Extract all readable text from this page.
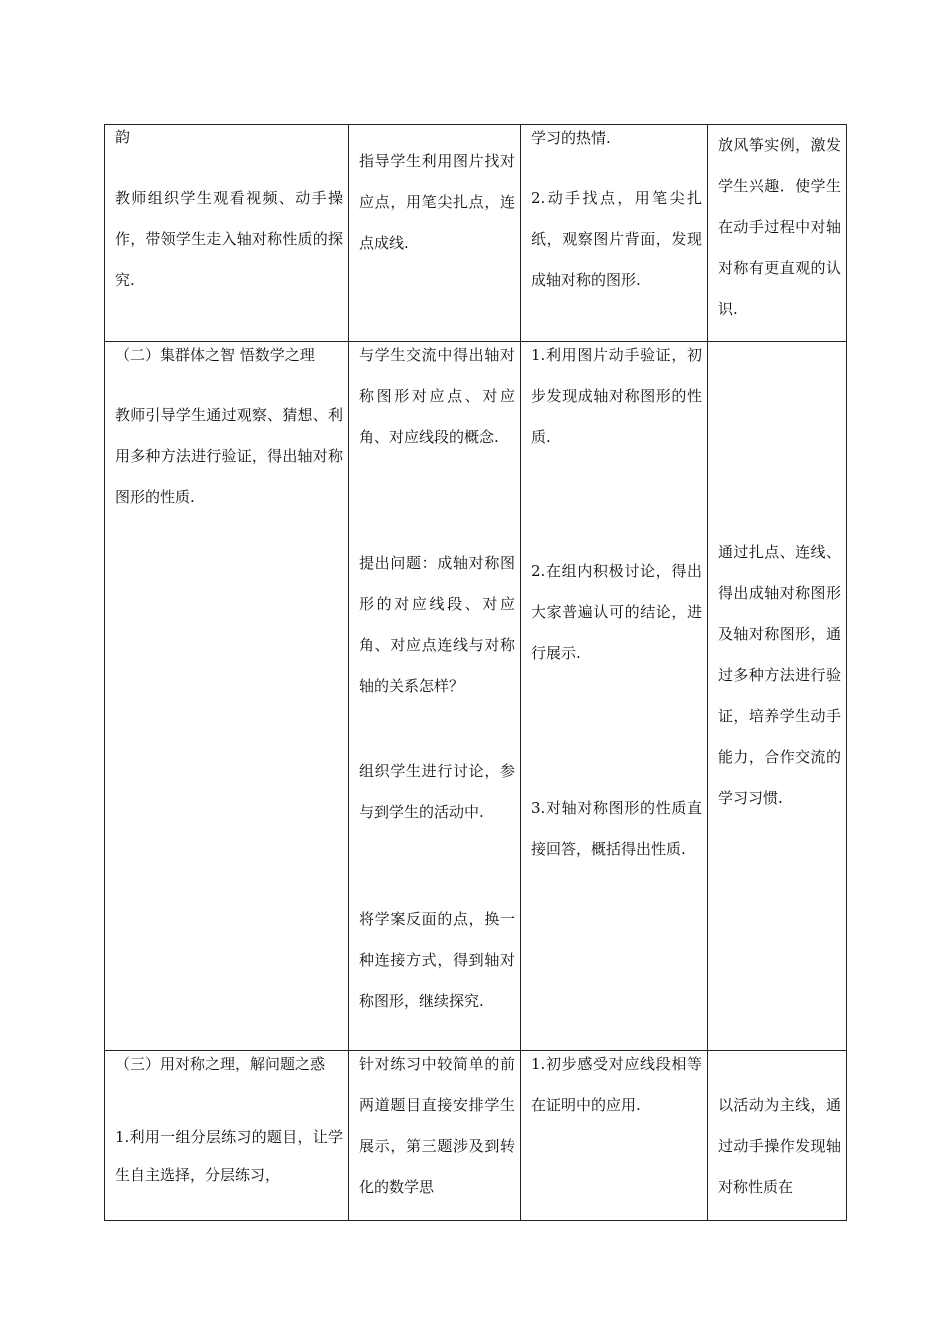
韵

教师组织学生观看视频、动手操作，带领学生走入轴对称性质的探究.

指导学生利用图片找对应点，用笔尖扎点，连点成线.

学习的热情.

2.动手找点，用笔尖扎纸，观察图片背面，发现成轴对称的图形.

放风筝实例，激发学生兴趣．使学生在动手过程中对轴对称有更直观的认识.

（二）集群体之智 悟数学之理

教师引导学生通过观察、猜想、利用多种方法进行验证，得出轴对称图形的性质.

与学生交流中得出轴对称图形对应点、对应角、对应线段的概念.

提出问题：成轴对称图形的对应线段、对应角、对应点连线与对称轴的关系怎样？

组织学生进行讨论，参与到学生的活动中.

将学案反面的点，换一种连接方式，得到轴对称图形，继续探究.

1.利用图片动手验证，初步发现成轴对称图形的性质.

2.在组内积极讨论，得出大家普遍认可的结论，进行展示.

3.对轴对称图形的性质直接回答，概括得出性质.

通过扎点、连线、得出成轴对称图形及轴对称图形，通过多种方法进行验证，培养学生动手能力，合作交流的学习习惯.

（三）用对称之理，解问题之惑

1.利用一组分层练习的题目，让学生自主选择，分层练习，

针对练习中较简单的前两道题目直接安排学生展示，第三题涉及到转化的数学思

1.初步感受对应线段相等在证明中的应用.	以活动为主线，通过动手操作发现轴对称性质在
